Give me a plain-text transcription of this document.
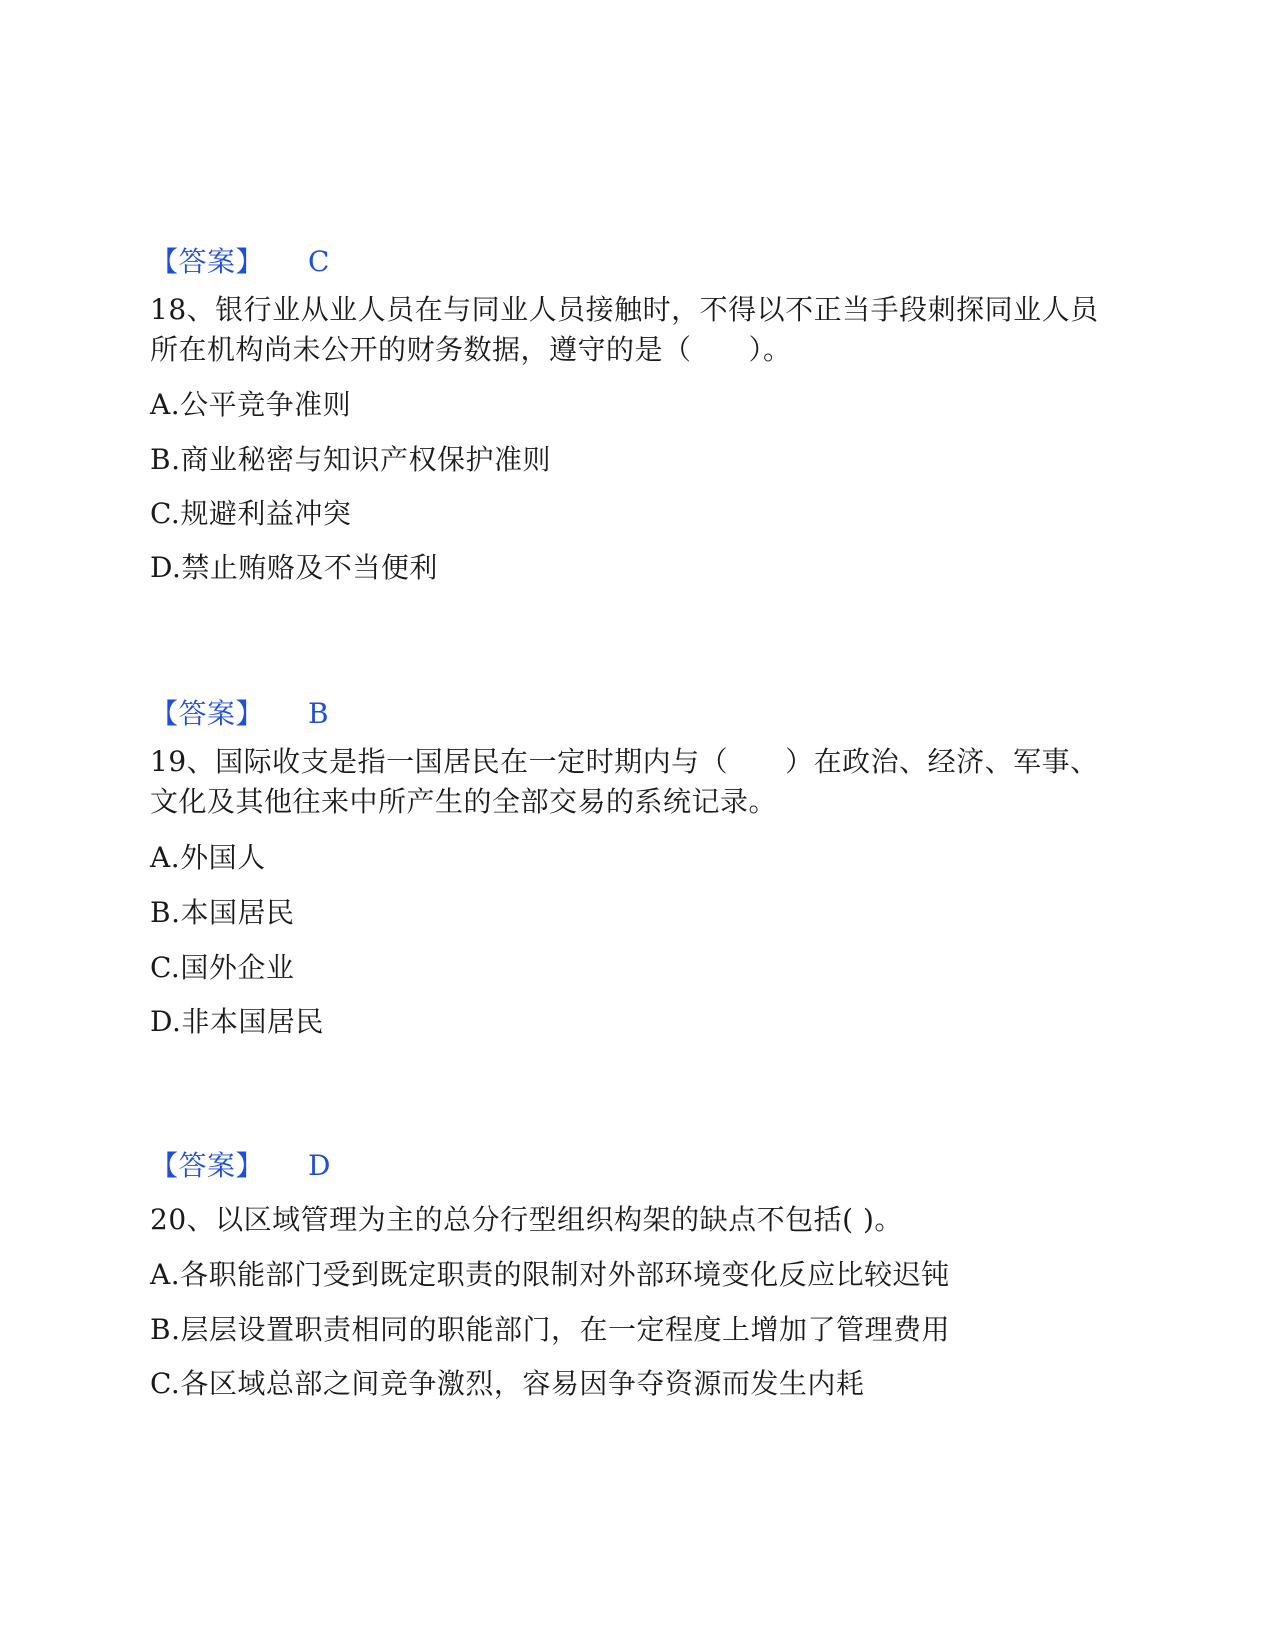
【答案】 C
18、银行业从业人员在与同业人员接触时，不得以不正当手段刺探同业人员
所在机构尚未公开的财务数据，遵守的是（　　）。
A.公平竞争准则
B.商业秘密与知识产权保护准则
C.规避利益冲突
D.禁止贿赂及不当便利
【答案】 B
19、国际收支是指一国居民在一定时期内与（　　）在政治、经济、军事、
文化及其他往来中所产生的全部交易的系统记录。
A.外国人
B.本国居民
C.国外企业
D.非本国居民
【答案】 D
20、以区域管理为主的总分行型组织构架的缺点不包括( )。
A.各职能部门受到既定职责的限制对外部环境变化反应比较迟钝
B.层层设置职责相同的职能部门，在一定程度上增加了管理费用
C.各区域总部之间竞争激烈，容易因争夺资源而发生内耗
